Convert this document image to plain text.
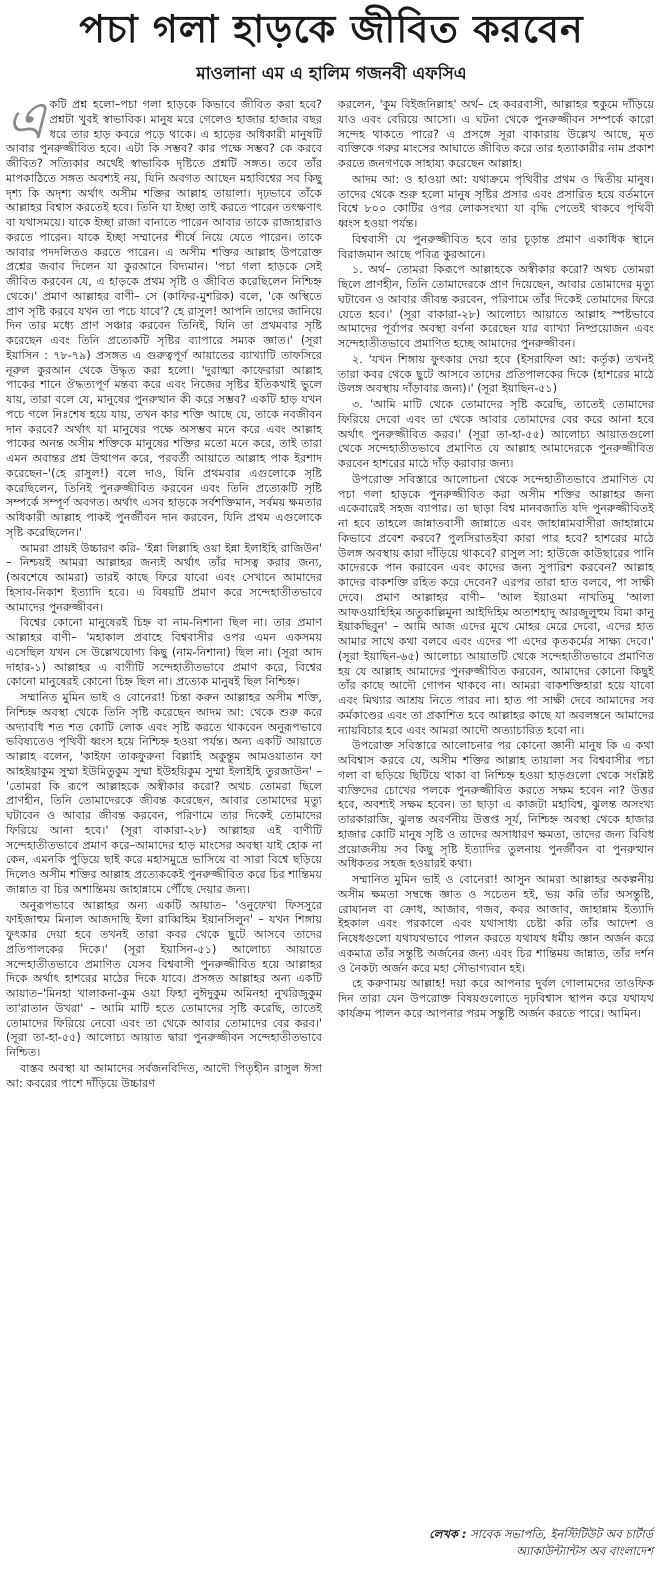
পচা গলা হাড়কে জীবিত করবেন
মাওলানা এম এ হালিম গজনবী এফসিএ

একটি প্রশ্ন হলো–পচা গলা হাড়কে কিভাবে জীবিত করা হবে? প্রশ্নটা খুবই স্বাভাবিক। মানুষ মরে গেলেও হাজার হাজার বছর ধরে তার হাড় কবরে পড়ে থাকে। এ হাড়ের অধিকারী মানুষটি আবার পুনরুজ্জীবিত হবে। এটা কি সম্ভব? কার পক্ষে সম্ভব? কে করবে জীবিত? সত্যিকার অর্থেই স্বাভাবিক দৃষ্টিতে প্রশ্নটি সঙ্গত। তবে তাঁর মাপকাঠিতে সঙ্গত অবশ্যই নয়, যিনি অবগত আছেন মহাবিশ্বের সব কিছু দৃশ্য কি অদৃশ্য অর্থাৎ অসীম শক্তির আল্লাহ তায়ালা। দৃঢ়ভাবে তাঁকে আল্লাহর বিশ্বাস করতেই হবে। তিনি যা ইচ্ছা তাই করতে পারেন তৎক্ষণাৎ বা যথাসময়ে। যাকে ইচ্ছা রাজা বানাতে পারেন আবার তাকে রাজ্যহারাও করতে পারেন। যাকে ইচ্ছা সম্মানের শীর্ষে নিয়ে যেতে পারেন। তাকে আবার পদদলিতও করতে পারেন। এ অসীম শক্তির আল্লাহ উপরোক্ত প্রশ্নের জবাব দিলেন যা কুরআনে বিদ্যমান। 'পচা গলা হাড়কে সেই জীবিত করবেন যে, এ হাড়কে প্রথম সৃষ্টি ও জীবিত করেছিলেন নিশ্চিহ্ন থেকে।' প্রমাণ আল্লাহর বাণী– সে (কাফির-মুশরিক) বলে, 'কে অস্থিতে প্রাণ সৃষ্টি করবে যখন তা পচে যাবে'? হে রাসুল! আপনি তাদের জানিয়ে দিন তার মধ্যে প্রাণ সঞ্চার করবেন তিনিই, যিনি তা প্রথমবার সৃষ্টি করেছেন এবং তিনি প্রত্যেকটি সৃষ্টির ব্যাপারে সম্যক জ্ঞাত।' (সূরা ইয়াসিন : ৭৮-৭৯) প্রসঙ্গত এ গুরুত্বপূর্ণ আয়াতের ব্যাখ্যাটি তাফসিরে নূরুল কুরআন থেকে উদ্ধৃত করা হলো। 'দুরাত্মা কাফেরারা আল্লাহ পাকের শানে ঔদ্ধত্যপূর্ণ মন্তব্য করে এবং নিজের সৃষ্টির ইতিকথাই ভুলে যায়, তারা বলে যে, মানুষের পুনরুত্থান কী করে সম্ভব? একটি হাড় যখন পচে গলে নিঃশেষ হয়ে যায়, তখন কার শক্তি আছে যে, তাকে নবজীবন দান করবে? অর্থাৎ যা মানুষের পক্ষে অসম্ভব মনে করে এবং আল্লাহ পাকের অনন্ত অসীম শক্তিকে মানুষের শক্তির মতো মনে করে, তাই তারা এমন অবান্তর প্রশ্ন উত্থাপন করে, পরবর্তী আয়াতে আল্লাহ পাক ইরশাদ করেছেন–'(হে রাসুল!) বলে দাও, যিনি প্রথমবার এগুলোকে সৃষ্টি করেছিলেন, তিনিই পুনরুজ্জীবিত করবেন এবং তিনি প্রত্যেকটি সৃষ্টি সম্পর্কে সম্পূর্ণ অবগত। অর্থাৎ এসব হাড়কে সর্বশক্তিমান, সর্বময় ক্ষমতার অধিকারী আল্লাহ পাকই পুনর্জীবন দান করবেন, যিনি প্রথম এগুলোকে সৃষ্টি করেছিলেন।'

আমরা প্রায়ই উচ্চারণ করি- 'ইন্না লিল্লাহি ওয়া ইন্না ইলাইহি রাজিউন' – নিশ্চয়ই আমরা আল্লাহর জন্যই অর্থাৎ তাঁর দাসত্ব করার জন্য, (অবশেষে আমরা) তারই কাছে ফিরে যাবো এবং সেখানে আমাদের হিসাব-নিকাশ ইত্যাদি হবে। এ বিষয়টি প্রমাণ করে সন্দেহাতীতভাবে আমাদের পুনরুজ্জীবন।

বিশ্বের কোনো মানুষেরই চিহ্ন বা নাম-নিশানা ছিল না। তার প্রমাণ আল্লাহর বাণী– 'মহাকাল প্রবাহে বিশ্ববাসীর ওপর এমন একসময় এসেছিল যখন সে উল্লেখযোগ্য কিছু (নাম-নিশানা) ছিল না। (সূরা আদ দাহার-১) আল্লাহর এ বাণীটি সন্দেহাতীতভাবে প্রমাণ করে, বিশ্বের কোনো মানুষেরই কোনো চিহ্ন ছিল না। প্রত্যেক মানুষই ছিল নিশ্চিহ্ন।

সম্মানিত মুমিন ভাই ও বোনেরা! চিন্তা করুন আল্লাহর অসীম শক্তি, নিশ্চিহ্ন অবস্থা থেকে তিনি সৃষ্টি করেছেন আদম আ: থেকে শুরু করে অদ্যাবধি শত শত কোটি লোক এবং সৃষ্টি করতে থাকবেন অনুরূপভাবে ভবিষ্যতেও পৃথিবী ধ্বংস হয়ে নিশ্চিহ্ন হওয়া পর্যন্ত। অন্য একটি আয়াতে আল্লাহ বলেন, 'কাইফা তাকফুরুনা বিল্লাহি অকুন্তুম আমওয়াতান ফা আহইয়াকুম সুম্মা ইউমিতুকুম সুম্মা ইউহয়িকুম সুম্মা ইলাইহি তুরজাউন' – 'তোমরা কি রূপে আল্লাহকে অস্বীকার করো? অথচ তোমরা ছিলে প্রাণহীন, তিনি তোমাদেরকে জীবন্ত করেছেন, আবার তোমাদের মৃত্যু ঘটাবেন ও আবার জীবন্ত করবেন, পরিণামে তার দিকেই তোমাদের ফিরিয়ে আনা হবে।' (সূরা বাকারা-২৮) আল্লাহর এই বাণীটি সন্দেহাতীতভাবে প্রমাণ করে–আমাদের হাড় মাংসের অবস্থা যাই হোক না কেন, এমনকি পুড়িয়ে ছাই করে মহাসমুদ্রে ভাসিয়ে বা সারা বিশ্বে ছড়িয়ে দিলেও অসীম শক্তির আল্লাহ প্রত্যেককেই পুনরুজ্জীবিত করে চির শান্তিময় জান্নাত বা চির অশান্তিময় জাহান্নামে পৌঁছে দেয়ার জন্য।

অনুরূপভাবে আল্লাহর অন্য একটি আয়াত– 'ওনুফেখা ফিসসুরে ফাইজাহুম মিনাল আজদাছি ইলা রাব্বিহিম ইয়ানসিলুন' – যখন শিঙ্গায় ফুৎকার দেয়া হবে তখনই তারা কবর থেকে ছুটে আসবে তাদের প্রতিপালকের দিকে।' (সূরা ইয়াসিন-৫১) আলোচ্য আয়াতে সন্দেহাতীতভাবে প্রমাণিত যেসব বিশ্ববাসী পুনরুজ্জীবিত হয়ে আল্লাহর দিকে অর্থাৎ হাশরের মাঠের দিকে যাবে। প্রসঙ্গত আল্লাহর অন্য একটি আয়াত–'মিনহা খালাকনা-কুম ওয়া ফিহা নুঈদুকুম অমিনহা নুখরিজুকুম তা'রাতান উখরা' – আমি মাটি হতে তোমাদের সৃষ্টি করেছি, তাতেই তোমাদের ফিরিয়ে নেবো এবং তা থেকে আবার তোমাদের বের করব।' (সূরা তা-হা-৫৫) আলোচ্য আয়াত দ্বারা পুনরুজ্জীবন সন্দেহাতীতভাবে নিশ্চিত।

বাস্তব অবস্থা যা আমাদের সর্বজনবিদিত, আদৌ পিতৃহীন রাসুল ঈসা আ: কবরের পাশে দাঁড়িয়ে উচ্চারণ

করলেন, 'কুম বিইজনিল্লাহ' অর্থ– হে কবরবাসী, আল্লাহর হুকুমে দাঁড়িয়ে যাও এবং বেরিয়ে আসো। এ ঘটনা থেকে পুনরুজ্জীবন সম্পর্কে কারো সন্দেহ থাকতে পারে? এ প্রসঙ্গে সূরা বাকারায় উল্লেখ আছে, মৃত ব্যক্তিকে গরুর মাংসের আঘাতে জীবিত করে তার হত্যাকারীর নাম প্রকাশ করতে জনগণকে সাহায্য করেছেন আল্লাহ।

আদম আ: ও হাওয়া আ: যথাক্রমে পৃথিবীর প্রথম ও দ্বিতীয় মানুষ। তাদের থেকে শুরু হলো মানুষ সৃষ্টির প্রসার এবং প্রসারিত হয়ে বর্তমানে বিশ্বে ৮০০ কোটির ওপর লোকসংখ্যা যা বৃদ্ধি পেতেই থাকবে পৃথিবী ধ্বংস হওয়া পর্যন্ত।

বিশ্ববাসী যে পুনরুজ্জীবিত হবে তার চূড়ান্ত প্রমাণ একাধিক স্থানে বিরাজমান আছে পবিত্র কুরআনে।

১. অর্থ– তোমরা কিরূপে আল্লাহকে অস্বীকার করো? অথচ তোমরা ছিলে প্রাণহীন, তিনি তোমাদেরকে প্রাণ দিয়েছেন, আবার তোমাদের মৃত্যু ঘটাবেন ও আবার জীবন্ত করবেন, পরিণামে তাঁর দিকেই তোমাদের ফিরে যেতে হবে।' (সূরা বাকারা-২৮) আলোচ্য আয়াতে আল্লাহ স্পষ্টভাবে আমাদের পূর্বাপর অবস্থা বর্ণনা করেছেন যার ব্যাখ্যা নিষ্প্রয়োজন এবং সন্দেহাতীতভাবে প্রমাণিত হচ্ছে আমাদের পুনরুজ্জীবন।

২. 'যখন শিঙ্গায় ফুৎকার দেয়া হবে (ইসরাফিল আ: কর্তৃক) তখনই তারা কবর থেকে ছুটে আসবে তাদের প্রতিপালকের দিকে (হাশরের মাঠে উলঙ্গ অবস্থায় দাঁড়াবার জন্য)।' (সূরা ইয়াছিন-৫১)

৩. 'আমি মাটি থেকে তোমাদের সৃষ্টি করেছি, তাতেই তোমাদের ফিরিয়ে দেবো এবং তা থেকে আবার তোমাদের বের করে আনা হবে অর্থাৎ পুনরুজ্জীবিত করব।' (সূরা তা-হা-৫৫) আলোচ্য আয়াতগুলো থেকে সন্দেহাতীতভাবে প্রমাণিত যে আল্লাহ আমাদেরকে পুনরুজ্জীবিত করবেন হাশরের মাঠে দাঁড় করাবার জন্য।

উপরোক্ত সবিস্তারে আলোচনা থেকে সন্দেহাতীতভাবে প্রমাণিত যে পচা গলা হাড়কে পুনরুজ্জীবিত করা অসীম শক্তির আল্লাহর জন্য একেবারেই সহজ ব্যাপার। তা ছাড়া বিশ্ব মানবজাতি যদি পুনরুজ্জীবিতই না হবে তাহলে জান্নাতবাসী জান্নাতে এবং জাহান্নামবাসীরা জাহান্নামে কিভাবে প্রবেশ করবে? পুলসিরাতইবা কারা পার হবে? হাশরের মাঠে উলঙ্গ অবস্থায় কারা দাঁড়িয়ে থাকবে? রাসুল সা: হাউজে কাউছারের পানি কাদেরকে পান করাবেন এবং কাদের জন্য সুপারিশ করবেন? আল্লাহ কাদের বাকশক্তি রহিত করে দেবেন? এরপর তারা হাত বলবে, পা সাক্ষী দেবে। প্রমাণ আল্লাহর বাণী– 'আল ইয়াওমা নাখতিমু 'আলা আফওয়াহিহিম অতুকাল্লিমুনা আইদিহিম অতাশহাদু আরজুলুহুম বিমা কানু ইয়াকছিবুন' – আমি আজ এদের মুখে মোহর মেরে দেবো, এদের হাত আমার সাথে কথা বলবে এবং এদের পা এদের কৃতকর্মের সাক্ষ্য দেবে।' (সূরা ইয়াছিন-৬৫) আলোচ্য আয়াতটি থেকে সন্দেহাতীতভাবে প্রমাণিত হয় যে আল্লাহ আমাদের পুনরুজ্জীবিত করবেন, আমাদের কোনো কিছুই তাঁর কাছে আদৌ গোপন থাকবে না। আমরা বাকশক্তিহারা হয়ে যাবো এবং মিথ্যার আশ্রয় নিতে পারব না। হাত পা সাক্ষী দেবে আমাদের সব কর্মকাণ্ডের এবং তা প্রকাশিত হবে আল্লাহর কাছে যা অবলম্বনে আমাদের ন্যায়বিচার হবে এবং আমরা আদৌ অত্যাচারিত হবো না।

উপরোক্ত সবিস্তারে আলোচনার পর কোনো জ্ঞানী মানুষ কি এ কথা অবিশ্বাস করবে যে, অসীম শক্তির আল্লাহ তায়ালা সব বিশ্ববাসীর পচা গলা বা ছড়িয়ে ছিটিয়ে থাকা বা নিশ্চিহ্ন হওয়া হাড়গুলো থেকে সংশ্লিষ্ট ব্যক্তিদের চোখের পলকে পুনরুজ্জীবিত করতে সক্ষম হবেন না? উত্তর হবে, অবশ্যই সক্ষম হবেন। তা ছাড়া এ কাজটা মহাবিশ্ব, ঝুলন্ত অসংখ্য তারকারাজি, ঝুলন্ত অবর্ণনীয় উত্তপ্ত সূর্য, নিশ্চিহ্ন অবস্থা থেকে হাজার হাজার কোটি মানুষ সৃষ্টি ও তাদের অসাধারণ ক্ষমতা, তাদের জন্য বিবিধ প্রয়োজনীয় সব কিছু সৃষ্টি ইত্যাদির তুলনায় পুনর্জীবন বা পুনরুত্থান অধিকতর সহজ হওয়ারই কথা।

সম্মানিত মুমিন ভাই ও বোনেরা! আসুন আমরা আল্লাহর অকল্পনীয় অসীম ক্ষমতা সম্বন্ধে জ্ঞাত ও সচেতন হই, ভয় করি তাঁর অসন্তুষ্টি, রোযানল বা ক্রোধ, আজাব, গজব, কবর আজাব, জাহান্নাম ইত্যাদি ইহকাল এবং পরকালে এবং যথাসাধ্য চেষ্টা করি তাঁর আদেশ ও নিষেধগুলো যথাযথভাবে পালন করতে যথাযথ ধর্মীয় জ্ঞান অর্জন করে একমাত্র তাঁর সন্তুষ্টি অর্জনের জন্য এবং চির শান্তিময় জান্নাত, তাঁর দর্শন ও নৈকট্য অর্জন করে মহা সৌভাগ্যবান হই।

হে করুণাময় আল্লাহ! দয়া করে আপনার দুর্বল গোলামদের তাওফিক দিন তারা যেন উপরোক্ত বিষয়গুলোতে দৃঢ়বিশ্বাস স্থাপন করে যথাযথ কার্যক্রম পালন করে আপনার পরম সন্তুষ্টি অর্জন করতে পারে। আমিন।

লেখক : সাবেক সভাপতি, ইনস্টিটিউট অব চার্টার্ড
অ্যাকাউন্ট্যান্টস অব বাংলাদেশ
